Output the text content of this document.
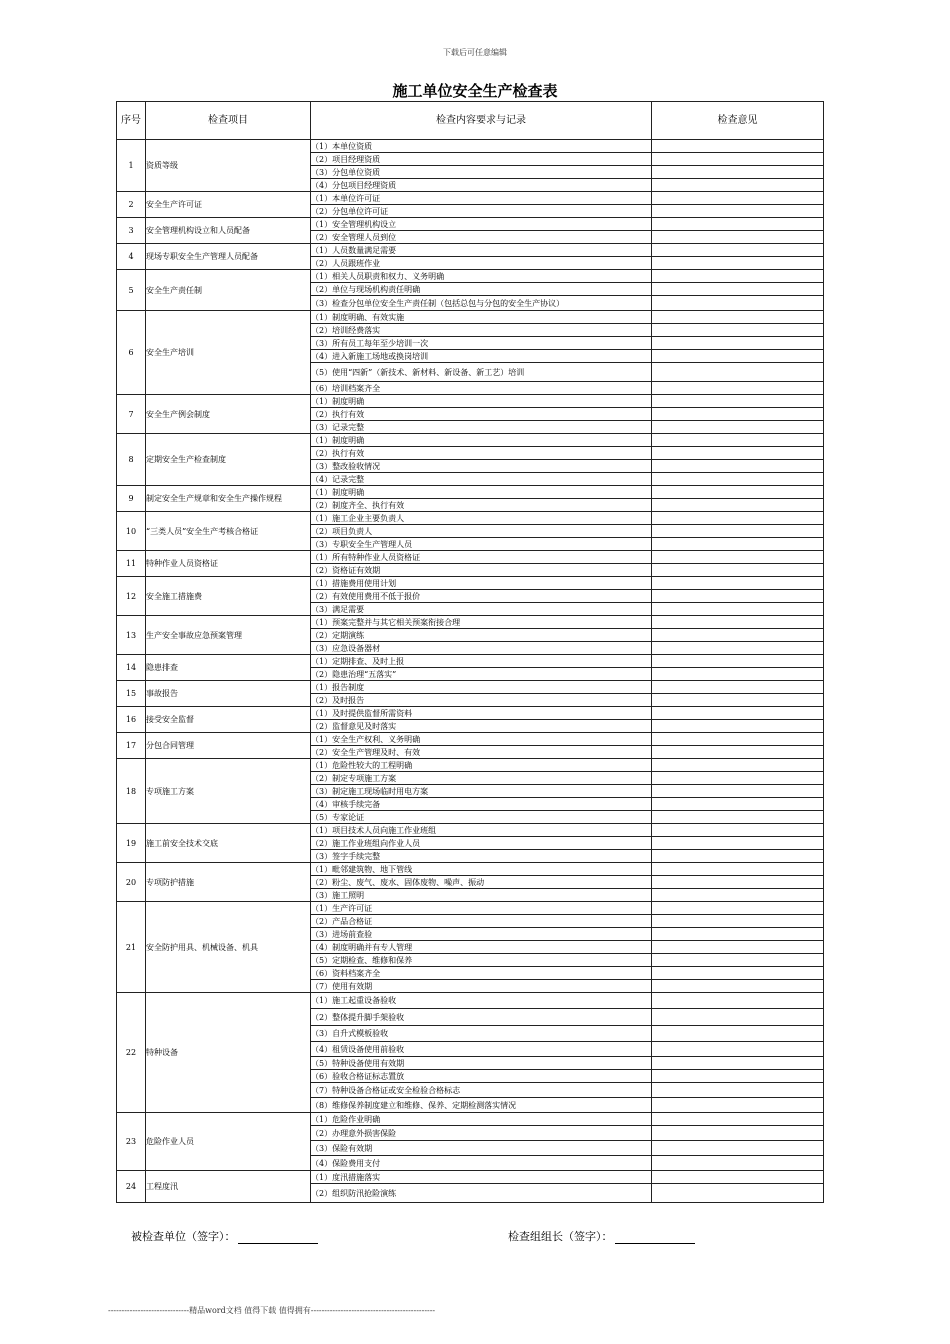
下载后可任意编辑
施工单位安全生产检查表
序号	检查项目	检查内容要求与记录	检查意见
1	资质等级	（1）本单位资质	
		（2）项目经理资质	
		（3）分包单位资质	
		（4）分包项目经理资质	
2	安全生产许可证	（1）本单位许可证	
		（2）分包单位许可证	
3	安全管理机构设立和人员配备	（1）安全管理机构设立	
		（2）安全管理人员到位	
4	现场专职安全生产管理人员配备	（1）人员数量满足需要	
		（2）人员跟班作业	
5	安全生产责任制	（1）相关人员职责和权力、义务明确	
		（2）单位与现场机构责任明确	
		（3）检查分包单位安全生产责任制（包括总包与分包的安全生产协议）	
6	安全生产培训	（1）制度明确、有效实施	
		（2）培训经费落实	
		（3）所有员工每年至少培训一次	
		（4）进入新施工场地或换岗培训	
		（5）使用“四新”（新技术、新材料、新设备、新工艺）培训	
		（6）培训档案齐全	
7	安全生产例会制度	（1）制度明确	
		（2）执行有效	
		（3）记录完整	
8	定期安全生产检查制度	（1）制度明确	
		（2）执行有效	
		（3）整改验收情况	
		（4）记录完整	
9	制定安全生产规章和安全生产操作规程	（1）制度明确	
		（2）制度齐全、执行有效	
10	“三类人员”安全生产考核合格证	（1）施工企业主要负责人	
		（2）项目负责人	
		（3）专职安全生产管理人员	
11	特种作业人员资格证	（1）所有特种作业人员资格证	
		（2）资格证有效期	
12	安全施工措施费	（1）措施费用使用计划	
		（2）有效使用费用不低于报价	
		（3）满足需要	
13	生产安全事故应急预案管理	（1）预案完整并与其它相关预案衔接合理	
		（2）定期演练	
		（3）应急设备器材	
14	隐患排查	（1）定期排查、及时上报	
		（2）隐患治理“五落实”	
15	事故报告	（1）报告制度	
		（2）及时报告	
16	接受安全监督	（1）及时提供监督所需资料	
		（2）监督意见及时落实	
17	分包合同管理	（1）安全生产权利、义务明确	
		（2）安全生产管理及时、有效	
18	专项施工方案	（1）危险性较大的工程明确	
		（2）制定专项施工方案	
		（3）制定施工现场临时用电方案	
		（4）审核手续完备	
		（5）专家论证	
19	施工前安全技术交底	（1）项目技术人员向施工作业班组	
		（2）施工作业班组向作业人员	
		（3）签字手续完整	
20	专项防护措施	（1）毗邻建筑物、地下管线	
		（2）粉尘、废气、废水、固体废物、噪声、振动	
		（3）施工照明	
21	安全防护用具、机械设备、机具	（1）生产许可证	
		（2）产品合格证	
		（3）进场前查验	
		（4）制度明确并有专人管理	
		（5）定期检查、维修和保养	
		（6）资料档案齐全	
		（7）使用有效期	
22	特种设备	（1）施工起重设备验收	
		（2）整体提升脚手架验收	
		（3）自升式模板验收	
		（4）租赁设备使用前验收	
		（5）特种设备使用有效期	
		（6）验收合格证标志置放	
		（7）特种设备合格证或安全检验合格标志	
		（8）维修保养制度建立和维修、保养、定期检测落实情况	
23	危险作业人员	（1）危险作业明确	
		（2）办理意外损害保险	
		（3）保险有效期	
		（4）保险费用支付	
24	工程度汛	（1）度汛措施落实	
		（2）组织防汛抢险演练	
被检查单位（签字）：	检查组组长（签字）：
------------------------------精品word文档 值得下载 值得拥有----------------------------------------------
